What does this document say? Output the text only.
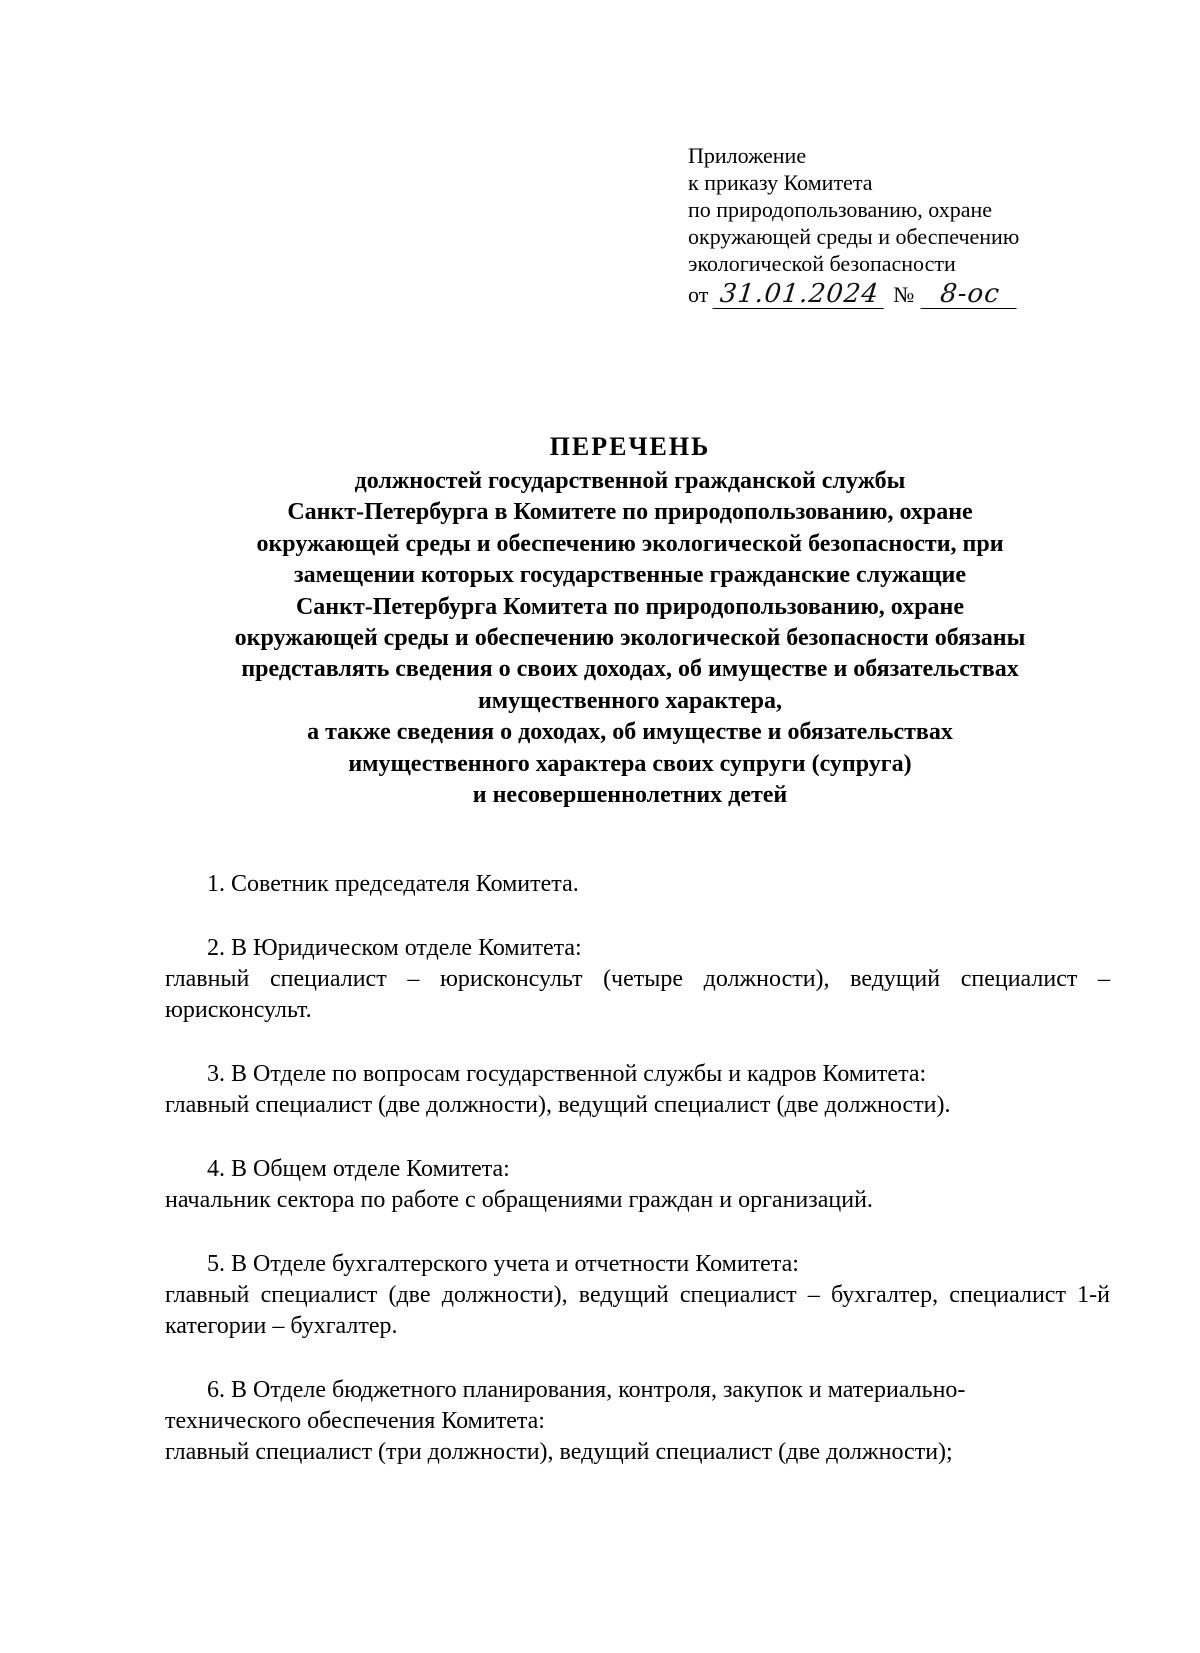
Приложение
к приказу Комитета
по природопользованию, охране
окружающей среды и обеспечению
экологической безопасности
от 31.01.2024 № 8-ос
ПЕРЕЧЕНЬ
должностей государственной гражданской службы
Санкт-Петербурга в Комитете по природопользованию, охране
окружающей среды и обеспечению экологической безопасности, при
замещении которых государственные гражданские служащие
Санкт-Петербурга Комитета по природопользованию, охране
окружающей среды и обеспечению экологической безопасности обязаны
представлять сведения о своих доходах, об имуществе и обязательствах
имущественного характера,
а также сведения о доходах, об имуществе и обязательствах
имущественного характера своих супруги (супруга)
и несовершеннолетних детей
1. Советник председателя Комитета.
2. В Юридическом отделе Комитета:
главный специалист – юрисконсульт (четыре должности), ведущий специалист – юрисконсульт.
3. В Отделе по вопросам государственной службы и кадров Комитета:
главный специалист (две должности), ведущий специалист (две должности).
4. В Общем отделе Комитета:
начальник сектора по работе с обращениями граждан и организаций.
5. В Отделе бухгалтерского учета и отчетности Комитета:
главный специалист (две должности), ведущий специалист – бухгалтер, специалист 1-й категории – бухгалтер.
6. В Отделе бюджетного планирования, контроля, закупок и материально-
технического обеспечения Комитета:
главный специалист (три должности), ведущий специалист (две должности);
